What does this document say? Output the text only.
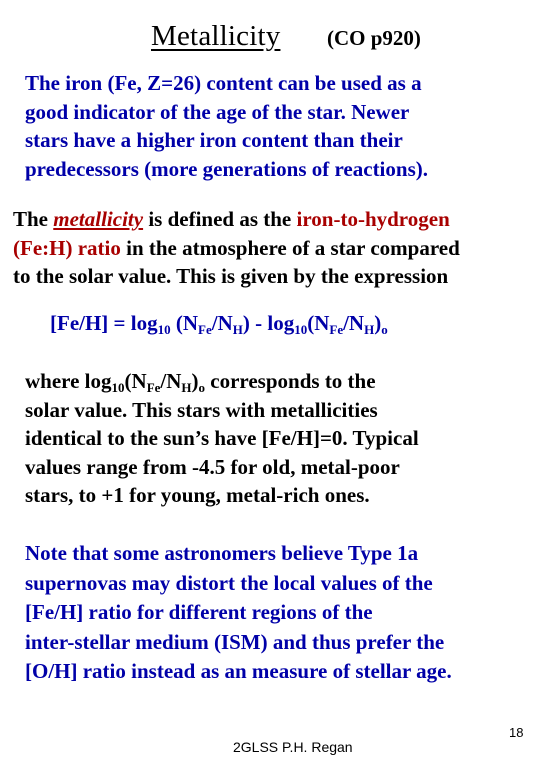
Metallicity (CO p920)
The iron (Fe, Z=26) content can be used as a
good indicator of the age of the star. Newer
stars have a higher iron content than their
predecessors (more generations of reactions).
The metallicity is defined as the iron-to-hydrogen
(Fe:H) ratio in the atmosphere of a star compared
to the solar value. This is given by the expression
$[Fe/H] = \log_{10} (N_{Fe}/N_H) - \log_{10}(N_{Fe}/N_H)_o$
where $\log_{10}(N_{Fe}/N_H)_o$ corresponds to the
solar value. This stars with metallicities
identical to the sun’s have [Fe/H]=0. Typical
values range from -4.5 for old, metal-poor
stars, to +1 for young, metal-rich ones.
Note that some astronomers believe Type 1a
supernovas may distort the local values of the
[Fe/H] ratio for different regions of the
inter-stellar medium (ISM) and thus prefer the
[O/H] ratio instead as an measure of stellar age.
2GLSS P.H. Regan
18
